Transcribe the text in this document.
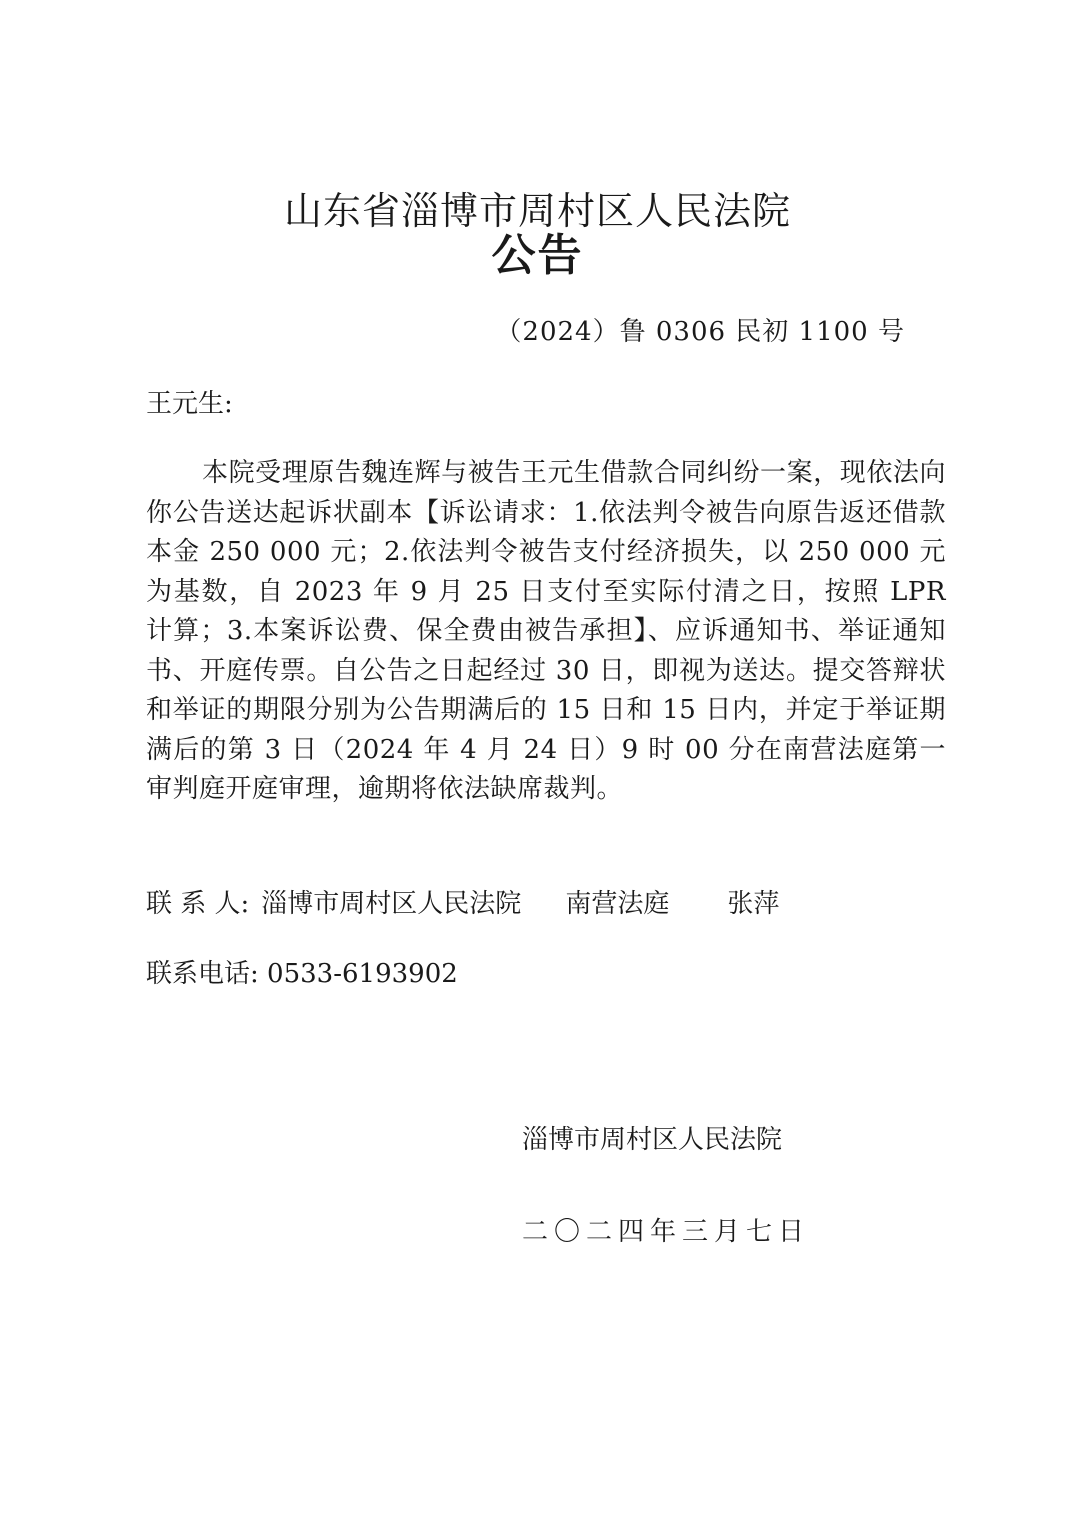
山东省淄博市周村区人民法院
公告
（2024）鲁 0306 民初 1100 号
王元生:
本院受理原告魏连辉与被告王元生借款合同纠纷一案，现依法向你公告送达起诉状副本【诉讼请求：1.依法判令被告向原告返还借款本金 250 000 元；2.依法判令被告支付经济损失，以 250 000 元为基数，自 2023 年 9 月 25 日支付至实际付清之日，按照 LPR 计算；3.本案诉讼费、保全费由被告承担】、应诉通知书、举证通知书、开庭传票。自公告之日起经过 30 日，即视为送达。提交答辩状和举证的期限分别为公告期满后的 15 日和 15 日内，并定于举证期满后的第 3 日（2024 年 4 月 24 日）9 时 00 分在南营法庭第一审判庭开庭审理，逾期将依法缺席裁判。
联 系 人: 淄博市周村区人民法院 南营法庭 张萍
联系电话: 0533-6193902
淄博市周村区人民法院
二〇二四年三月七日
